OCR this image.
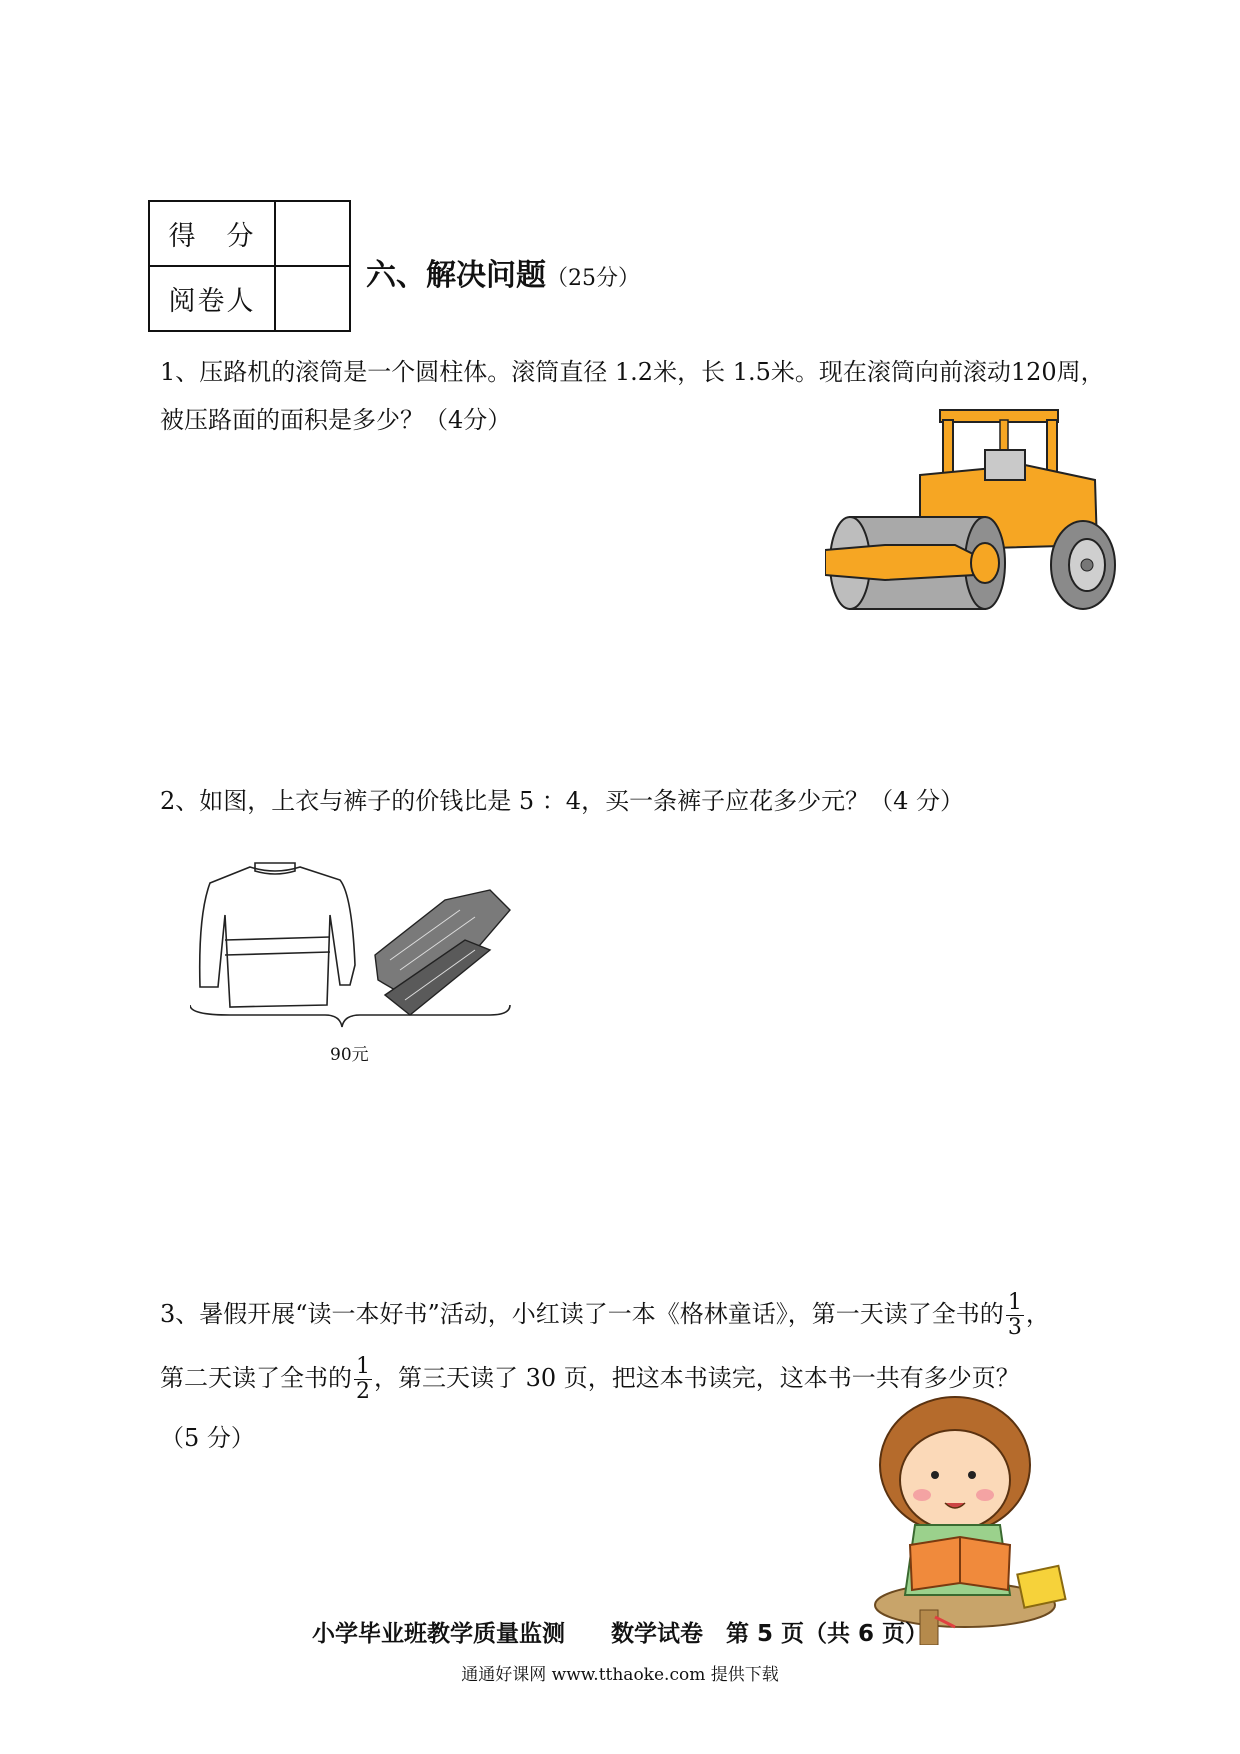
得　分	
阅卷人	
六、解决问题（25分）
1、压路机的滚筒是一个圆柱体。滚筒直径 1.2米，长 1.5米。现在滚筒向前滚动120周，
被压路面的面积是多少？（4分）
2、如图，上衣与裤子的价钱比是 5 ：4，买一条裤子应花多少元？（4 分）
90元
3、暑假开展“读一本好书”活动，小红读了一本《格林童话》，第一天读了全书的 $\frac{1}{3}$ ，
第二天读了全书的 $\frac{1}{2}$ ，第三天读了 30 页，把这本书读完，这本书一共有多少页？
（5 分）
小学毕业班教学质量监测　　数学试卷　第 5 页（共 6 页）
通通好课网 www.tthaoke.com 提供下载
